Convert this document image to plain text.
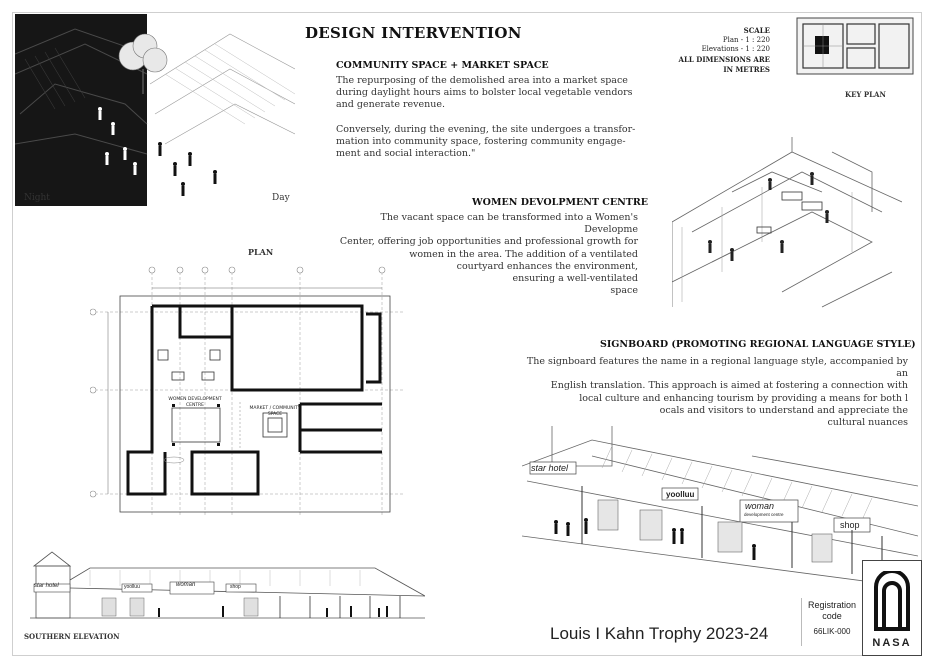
Night	Day
DESIGN INTERVENTION
COMMUNITY SPACE + MARKET SPACE
The repurposing of the demolished area into a market space
during daylight hours aims to bolster local vegetable vendors
and generate revenue.
Conversely, during the evening, the site undergoes a transfor-
mation into community space, fostering community engage-
ment and social interaction."
SCALE
Plan - 1 : 220
Elevations - 1 : 220
ALL DIMENSIONS ARE
IN METRES
KEY PLAN
WOMEN DEVOLPMENT CENTRE
The vacant space can be transformed into a Women's Developme
Center, offering job opportunities and professional growth for
women in the area. The addition of a ventilated
courtyard enhances the environment,
ensuring a well-ventilated
space
PLAN
WOMEN DEVELOPMENT
CENTRE
MARKET / COMMUNITY
SPACE
SIGNBOARD (PROMOTING REGIONAL LANGUAGE STYLE)
The signboard features the name in a regional language style, accompanied by an
English translation. This approach is aimed at fostering a connection with
local culture and enhancing tourism by providing a means for both l
ocals and visitors to understand and appreciate the
cultural nuances
star hotel
yoolluu
woman
development centre
shop
star hotel	yoolluu	woman	shop
SOUTHERN ELEVATION	Louis I Kahn Trophy 2023-24
Registration
code
66LIK-000
NASA
